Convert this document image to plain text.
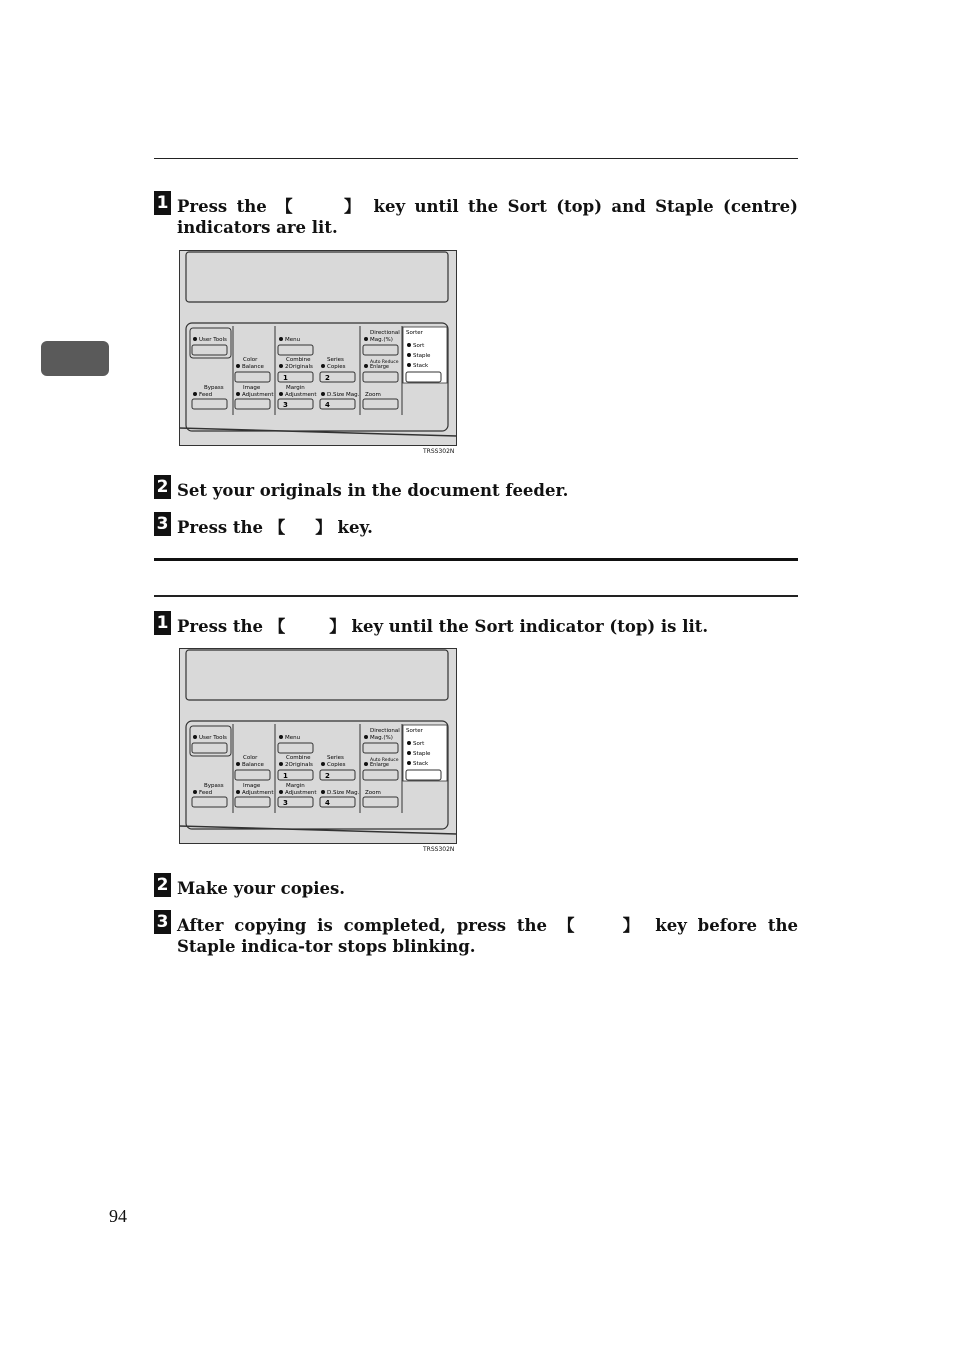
1 Press the 【	】 key until the Sort (top) and Staple (centre) indicators are lit.
User Tools
Bypass
Feed
Color
Balance
Image
Adjustment
Menu
Combine
2Originals
1
Series
Copies
2
Margin
Adjustment
3
D.Size Mag.
4
Directional
Mag.(%)
Auto Reduce
Enlarge
Zoom
Sorter
Sort
Staple
Stack
TRSS302N
2 Set your originals in the document feeder.
3 Press the 【 】 key.
1 Press the 【	】 key until the Sort indicator (top) is lit.
User Tools
Bypass
Feed
Color
Balance
Image
Adjustment
Menu
Combine
2Originals
1
Series
Copies
2
Margin
Adjustment
3
D.Size Mag.
4
Directional
Mag.(%)
Auto Reduce
Enlarge
Zoom
Sorter
Sort
Staple
Stack
TRSS302N
2 Make your copies.
3 After copying is completed, press the 【 】 key before the Staple indica-tor stops blinking.
94
